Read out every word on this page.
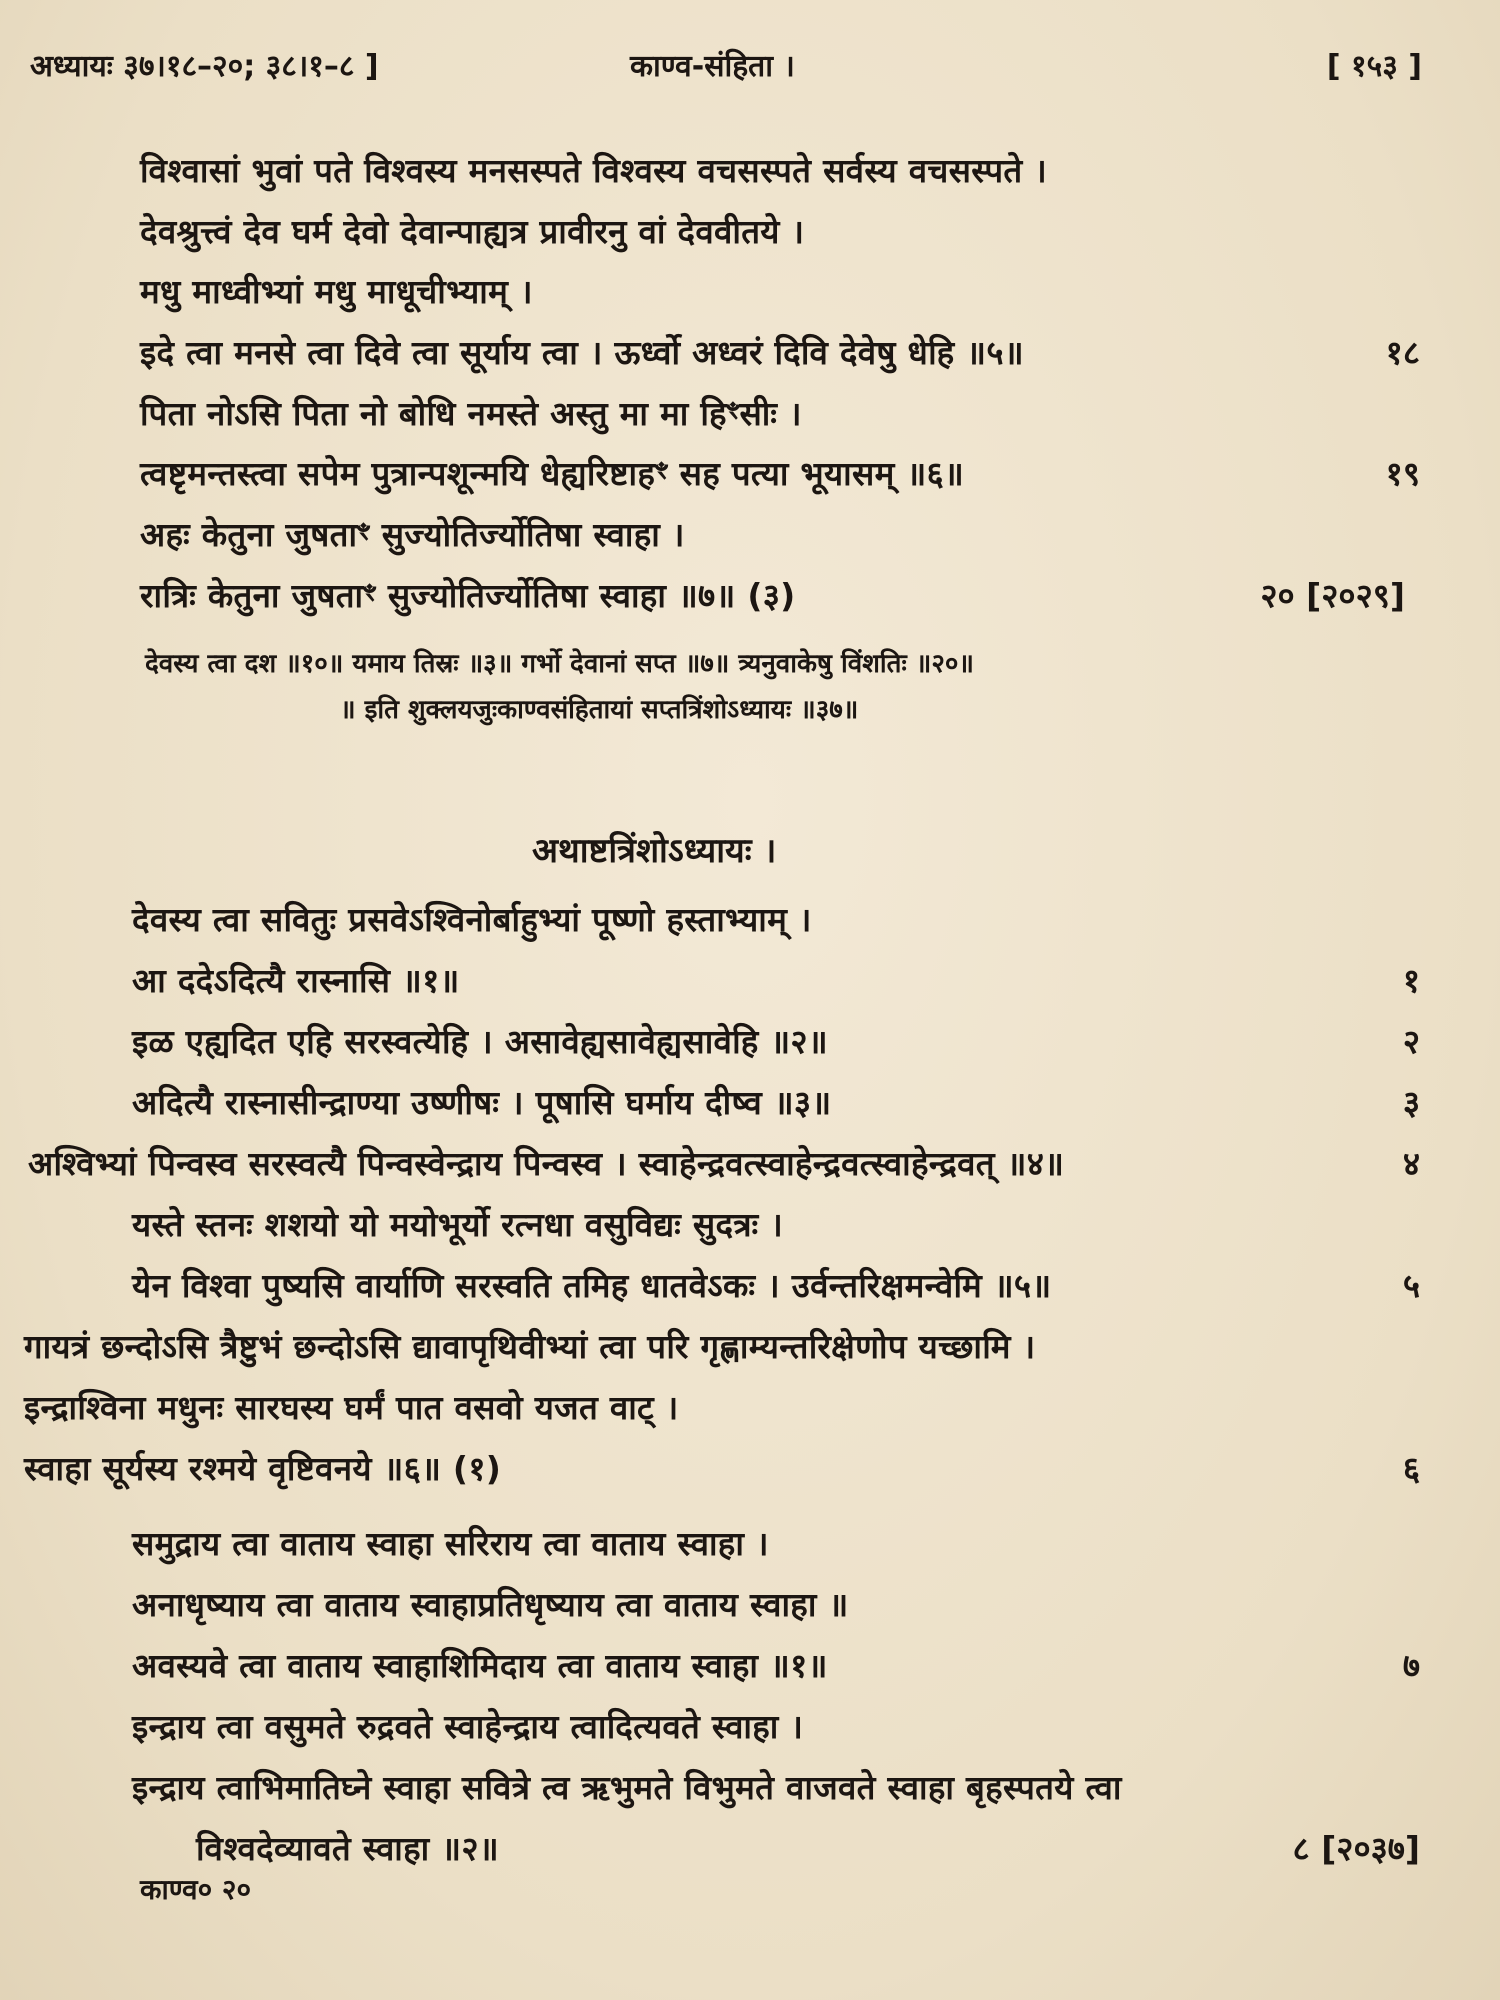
अध्यायः ३७।१८–२०; ३८।१–८ ]	काण्व-संहिता ।	[ १५३ ]
विश्वासां भुवां पते विश्वस्य मनसस्पते विश्वस्य वचसस्पते सर्वस्य वचसस्पते ।
देवश्रुत्त्वं देव घर्म देवो देवान्पाह्यत्र प्रावीरनु वां देववीतये ।
मधु माध्वीभ्यां मधु माधूचीभ्याम् ।
इदे त्वा मनसे त्वा दिवे त्वा सूर्याय त्वा । ऊर्ध्वो अध्वरं दिवि देवेषु धेहि ॥५॥	१८
पिता नोऽसि पिता नो बोधि नमस्ते अस्तु मा मा हिꣳसीः ।
त्वष्टृमन्तस्त्वा सपेम पुत्रान्पशून्मयि धेह्यरिष्टाहꣳ सह पत्या भूयासम् ॥६॥	१९
अहः केतुना जुषताꣳ सुज्योतिर्ज्योतिषा स्वाहा ।
रात्रिः केतुना जुषताꣳ सुज्योतिर्ज्योतिषा स्वाहा ॥७॥ (३)	२० [२०२९]
देवस्य त्वा दश ॥१०॥ यमाय तिस्रः ॥३॥ गर्भो देवानां सप्त ॥७॥ त्र्यनुवाकेषु विंशतिः ॥२०॥
॥ इति शुक्लयजुःकाण्वसंहितायां सप्तत्रिंशोऽध्यायः ॥३७॥
अथाष्टत्रिंशोऽध्यायः ।
देवस्य त्वा सवितुः प्रसवेऽश्विनोर्बाहुभ्यां पूष्णो हस्ताभ्याम् ।
आ ददेऽदित्यै रास्नासि ॥१॥	१
इळ एह्यदित एहि सरस्वत्येहि । असावेह्यसावेह्यसावेहि ॥२॥	२
अदित्यै रास्नासीन्द्राण्या उष्णीषः । पूषासि घर्माय दीष्व ॥३॥	३
अश्विभ्यां पिन्वस्व सरस्वत्यै पिन्वस्वेन्द्राय पिन्वस्व । स्वाहेन्द्रवत्स्वाहेन्द्रवत्स्वाहेन्द्रवत् ॥४॥	४
यस्ते स्तनः शशयो यो मयोभूर्यो रत्नधा वसुविद्यः सुदत्रः ।
येन विश्वा पुष्यसि वार्याणि सरस्वति तमिह धातवेऽकः । उर्वन्तरिक्षमन्वेमि ॥५॥	५
गायत्रं छन्दोऽसि त्रैष्टुभं छन्दोऽसि द्यावापृथिवीभ्यां त्वा परि गृह्णाम्यन्तरिक्षेणोप यच्छामि ।
इन्द्राश्विना मधुनः सारघस्य घर्मं पात वसवो यजत वाट् ।
स्वाहा सूर्यस्य रश्मये वृष्टिवनये ॥६॥ (१)	६
समुद्राय त्वा वाताय स्वाहा सरिराय त्वा वाताय स्वाहा ।
अनाधृष्याय त्वा वाताय स्वाहाप्रतिधृष्याय त्वा वाताय स्वाहा ॥
अवस्यवे त्वा वाताय स्वाहाशिमिदाय त्वा वाताय स्वाहा ॥१॥	७
इन्द्राय त्वा वसुमते रुद्रवते स्वाहेन्द्राय त्वादित्यवते स्वाहा ।
इन्द्राय त्वाभिमातिघ्ने स्वाहा सवित्रे त्व ऋभुमते विभुमते वाजवते स्वाहा बृहस्पतये त्वा
विश्वदेव्यावते स्वाहा ॥२॥	८ [२०३७]
काण्व० २०
